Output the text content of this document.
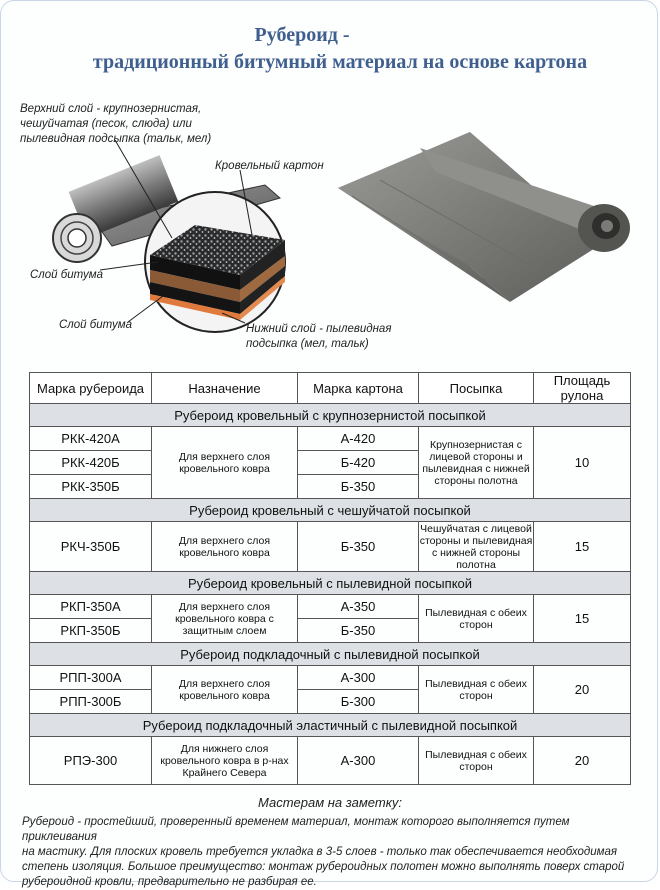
Рубероид -
традиционный битумный материал на основе картона
Верхний слой - крупнозернистая,
чешуйчатая (песок, слюда) или
пылевидная подсыпка (тальк, мел)
Кровельный картон
Слой битума
Слой битума	Нижний слой - пылевидная
подсыпка (мел, тальк)
Марка рубероида	Назначение	Марка картона	Посыпка	Площадь рулона
Рубероид кровельный с крупнозернистой посыпкой				
РКК-420А	Для верхнего слоя кровельного ковра	А-420	Крупнозернистая с лицевой стороны и пылевидная с нижней стороны полотна	10
РКК-420Б		Б-420		
РКК-350Б		Б-350		
Рубероид кровельный с чешуйчатой посыпкой				
РКЧ-350Б	Для верхнего слоя кровельного ковра	Б-350	Чешуйчатая с лицевой стороны и пылевидная с нижней стороны полотна	15
Рубероид кровельный с пылевидной посыпкой				
РКП-350А	Для верхнего слоя кровельного ковра с защитным слоем	А-350	Пылевидная с обеих сторон	15
РКП-350Б		Б-350		
Рубероид подкладочный с пылевидной посыпкой				
РПП-300А	Для верхнего слоя кровельного ковра	А-300	Пылевидная с обеих сторон	20
РПП-300Б		Б-300		
Рубероид подкладочный эластичный с пылевидной посыпкой				
РПЭ-300	Для нижнего слоя кровельного ковра в р-нах Крайнего Севера	А-300	Пылевидная с обеих сторон	20
Мастерам на заметку:

Рубероид - простейший, проверенный временем материал, монтаж которого выполняется путем приклеивания

на мастику. Для плоских кровель требуется укладка в 3-5 слоев - только так обеспечивается необходимая

степень изоляция. Большое преимущество: монтаж рубероидных полотен можно выполнять поверх старой

рубероидной кровли, предварительно не разбирая ее.
